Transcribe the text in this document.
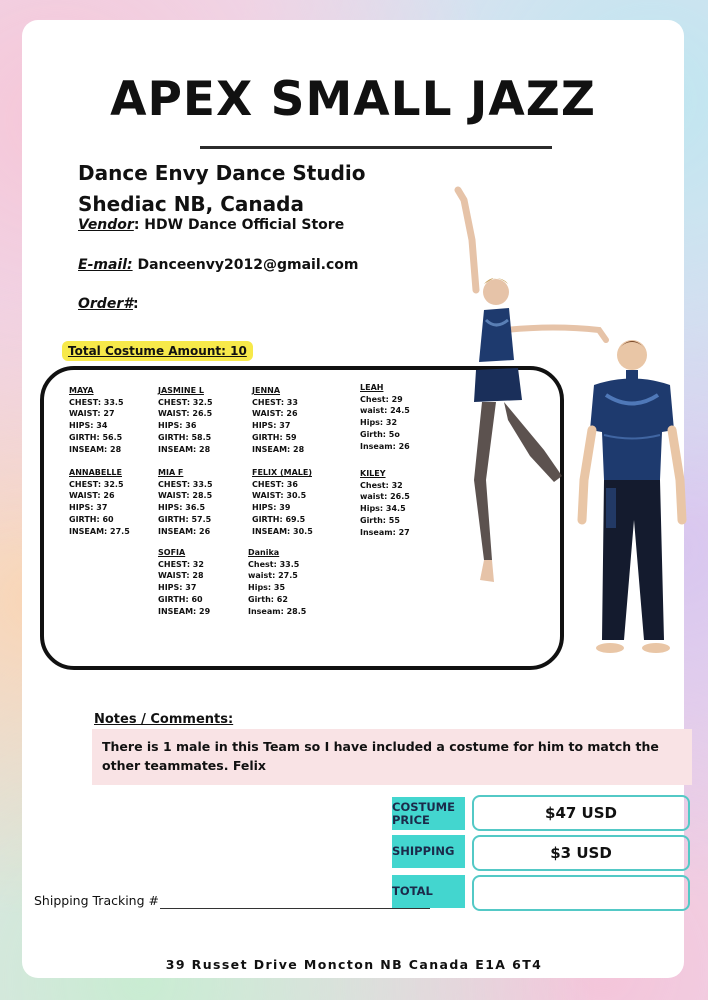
APEX SMALL JAZZ
Dance Envy Dance Studio
Shediac NB, Canada
Vendor: HDW Dance Official Store
E-mail: Danceenvy2012@gmail.com
Order#:
Total Costume Amount: 10
MAYA
CHEST: 33.5
WAIST: 27
HIPS: 34
GIRTH: 56.5
INSEAM: 28
JASMINE L
CHEST: 32.5
WAIST: 26.5
HIPS: 36
GIRTH: 58.5
INSEAM: 28
JENNA
CHEST: 33
WAIST: 26
HIPS: 37
GIRTH: 59
INSEAM: 28
LEAH
Chest: 29
waist: 24.5
Hips: 32
Girth: 5o
Inseam: 26
ANNABELLE
CHEST: 32.5
WAIST: 26
HIPS: 37
GIRTH: 60
INSEAM: 27.5
MIA F
CHEST: 33.5
WAIST: 28.5
HIPS: 36.5
GIRTH: 57.5
INSEAM: 26
FELIX (MALE)
CHEST: 36
WAIST: 30.5
HIPS: 39
GIRTH: 69.5
INSEAM: 30.5
KILEY
Chest: 32
waist: 26.5
Hips: 34.5
Girth: 55
Inseam: 27
SOFIA
CHEST: 32
WAIST: 28
HIPS: 37
GIRTH: 60
INSEAM: 29
Danika
Chest: 33.5
waist: 27.5
Hips: 35
Girth: 62
Inseam: 28.5
Notes / Comments:
There is 1 male in this Team so I have included a costume for him to match the other teammates. Felix
COSTUME PRICE	$47 USD
SHIPPING	$3 USD
TOTAL
Shipping Tracking #
39 Russet Drive Moncton NB Canada E1A 6T4
